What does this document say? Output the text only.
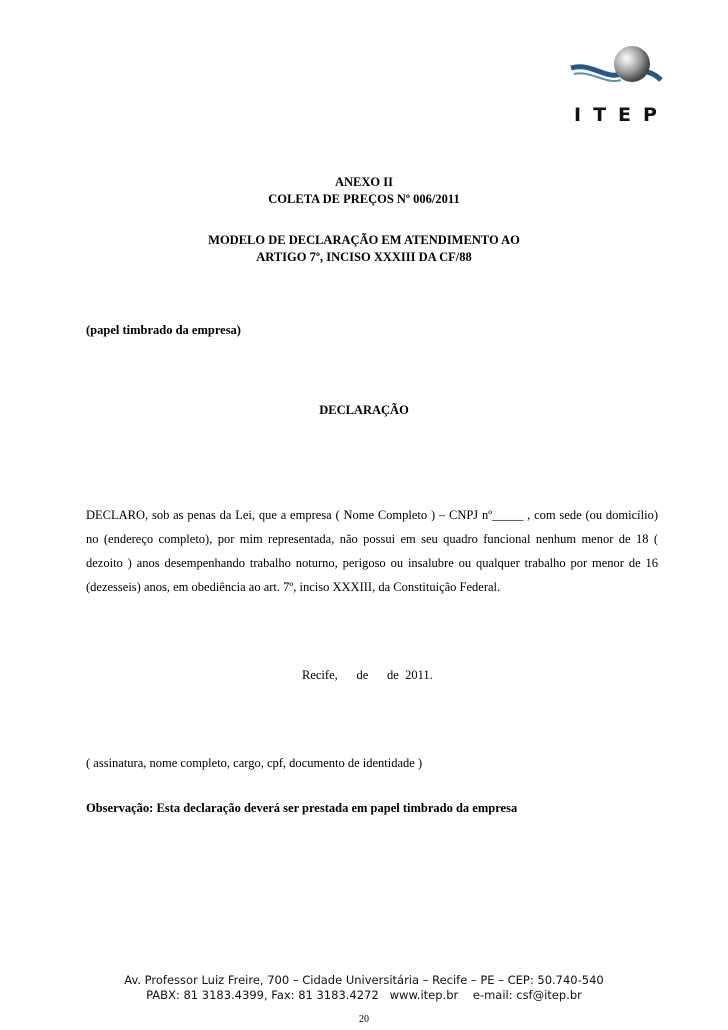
ITEP
ANEXO II
COLETA DE PREÇOS Nº 006/2011
MODELO DE DECLARAÇÃO EM ATENDIMENTO AO
ARTIGO 7º, INCISO XXXIII DA CF/88
(papel timbrado da empresa)
DECLARAÇÃO
DECLARO, sob as penas da Lei, que a empresa ( Nome Completo ) – CNPJ nº_____ , com sede (ou domicílio) no (endereço completo), por mim representada, não possui em seu quadro funcional nenhum menor de 18 ( dezoito ) anos desempenhando trabalho noturno, perigoso ou insalubre ou qualquer trabalho por menor de 16 (dezesseis) anos, em obediência ao art. 7º, inciso XXXIII, da Constituição Federal.
Recife,      de      de  2011.
( assinatura, nome completo, cargo, cpf, documento de identidade )
Observação: Esta declaração deverá ser prestada em papel timbrado da empresa
Av. Professor Luiz Freire, 700 – Cidade Universitária – Recife – PE – CEP: 50.740-540
PABX: 81 3183.4399, Fax: 81 3183.4272   www.itep.br    e-mail: csf@itep.br
20
